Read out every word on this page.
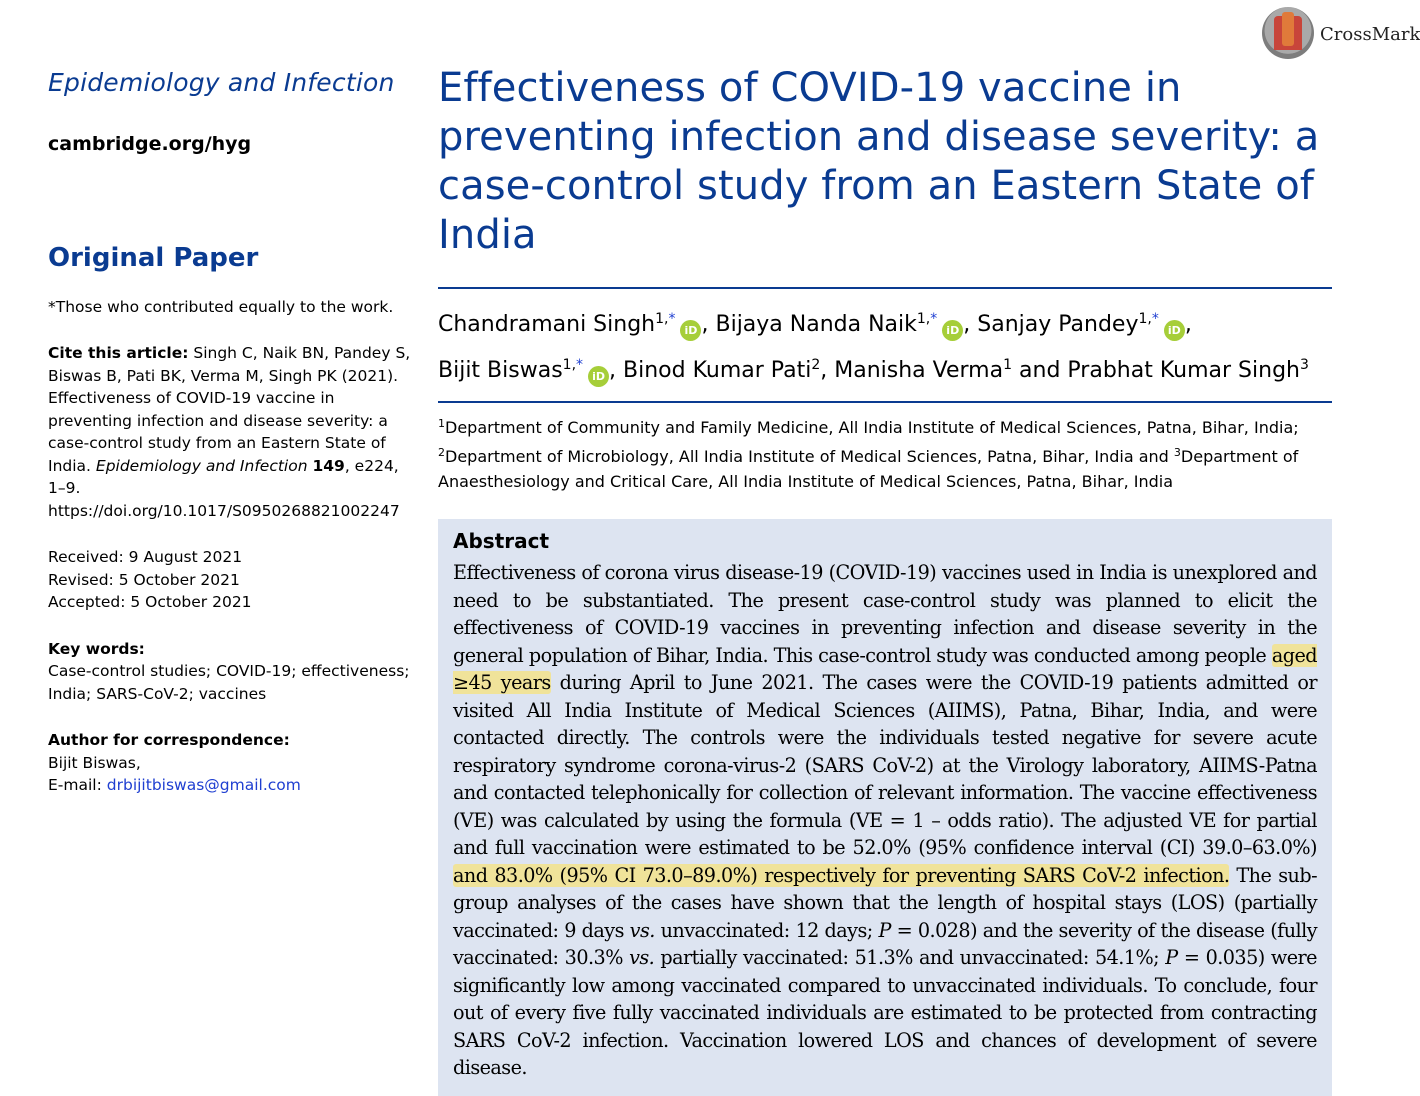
CrossMark
Epidemiology and Infection
cambridge.org/hyg
Original Paper
*Those who contributed equally to the work.
Cite this article: Singh C, Naik BN, Pandey S, Biswas B, Pati BK, Verma M, Singh PK (2021). Effectiveness of COVID-19 vaccine in preventing infection and disease severity: a case-control study from an Eastern State of India. Epidemiology and Infection 149, e224, 1–9. https://doi.org/10.1017/S0950268821002247
Received: 9 August 2021
Revised: 5 October 2021
Accepted: 5 October 2021
Key words:
Case-control studies; COVID-19; effectiveness; India; SARS-CoV-2; vaccines
Author for correspondence:
Bijit Biswas,
E-mail: drbijitbiswas@gmail.com
Effectiveness of COVID-19 vaccine in preventing infection and disease severity: a case-control study from an Eastern State of India
Chandramani Singh$^{1,*}$iD , Bijaya Nanda Naik$^{1,*}$iD , Sanjay Pandey$^{1,*}$iD ,
Bijit Biswas$^{1,*}$iD , Binod Kumar Pati$^2$, Manisha Verma$^1$ and Prabhat Kumar Singh$^3$
$^1$Department of Community and Family Medicine, All India Institute of Medical Sciences, Patna, Bihar, India; $^2$Department of Microbiology, All India Institute of Medical Sciences, Patna, Bihar, India and $^3$Department of Anaesthesiology and Critical Care, All India Institute of Medical Sciences, Patna, Bihar, India
Abstract

Effectiveness of corona virus disease-19 (COVID-19) vaccines used in India is unexplored and need to be substantiated. The present case-control study was planned to elicit the effectiveness of COVID-19 vaccines in preventing infection and disease severity in the general population of Bihar, India. This case-control study was conducted among people aged ≥45 years during April to June 2021. The cases were the COVID-19 patients admitted or visited All India Institute of Medical Sciences (AIIMS), Patna, Bihar, India, and were contacted directly. The controls were the individuals tested negative for severe acute respiratory syndrome corona-virus-2 (SARS CoV-2) at the Virology laboratory, AIIMS-Patna and contacted telephonically for collection of relevant information. The vaccine effectiveness (VE) was calculated by using the formula (VE = 1 – odds ratio). The adjusted VE for partial and full vaccination were estimated to be 52.0% (95% confidence interval (CI) 39.0–63.0%) and 83.0% (95% CI 73.0–89.0%) respectively for preventing SARS CoV-2 infection. The sub-group analyses of the cases have shown that the length of hospital stays (LOS) (partially vaccinated: 9 days vs. unvaccinated: 12 days; P = 0.028) and the severity of the disease (fully vaccinated: 30.3% vs. partially vaccinated: 51.3% and unvaccinated: 54.1%; P = 0.035) were significantly low among vaccinated compared to unvaccinated individuals. To conclude, four out of every five fully vaccinated individuals are estimated to be protected from contracting SARS CoV-2 infection. Vaccination lowered LOS and chances of development of severe disease.
